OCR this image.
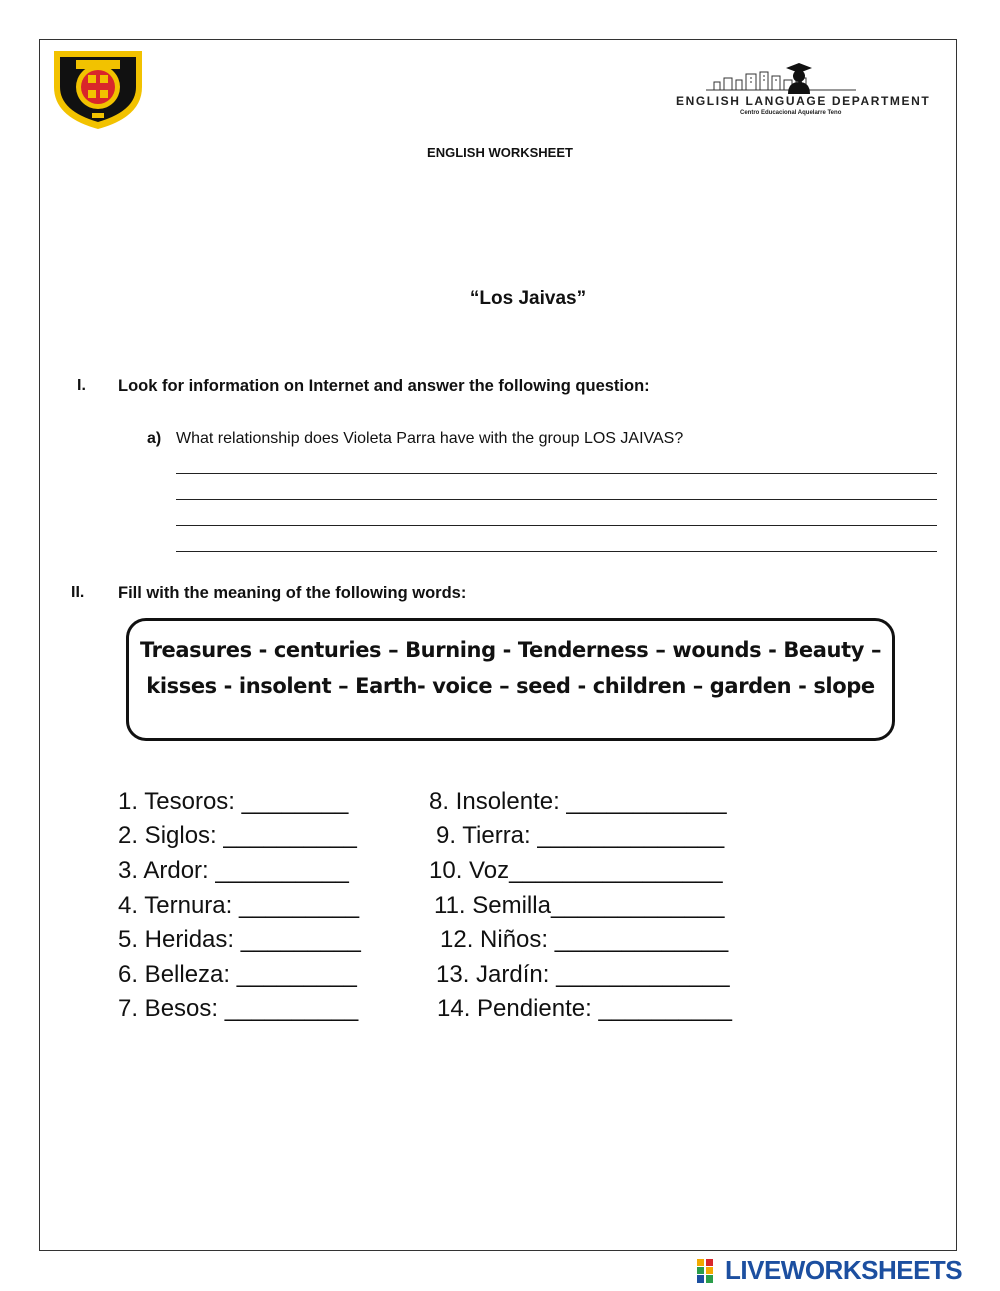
ENGLISH LANGUAGE DEPARTMENT
Centro Educacional Aquelarre Teno
ENGLISH WORKSHEET
“Los Jaivas”
I. Look for information on Internet and answer the following question:
a) What relationship does Violeta Parra have with the group LOS JAIVAS?
II. Fill with the meaning of the following words:
Treasures - centuries – Burning - Tenderness – wounds - Beauty –
kisses - insolent – Earth- voice – seed - children – garden - slope
1. Tesoros: ________
2. Siglos: __________
3. Ardor: __________
4. Ternura: _________
5. Heridas: _________
6. Belleza: _________
7. Besos: __________
8. Insolente: ____________
9. Tierra: ______________
10. Voz________________
11. Semilla_____________
12. Niños: _____________
13. Jardín: _____________
14. Pendiente: __________
LIVEWORKSHEETS
